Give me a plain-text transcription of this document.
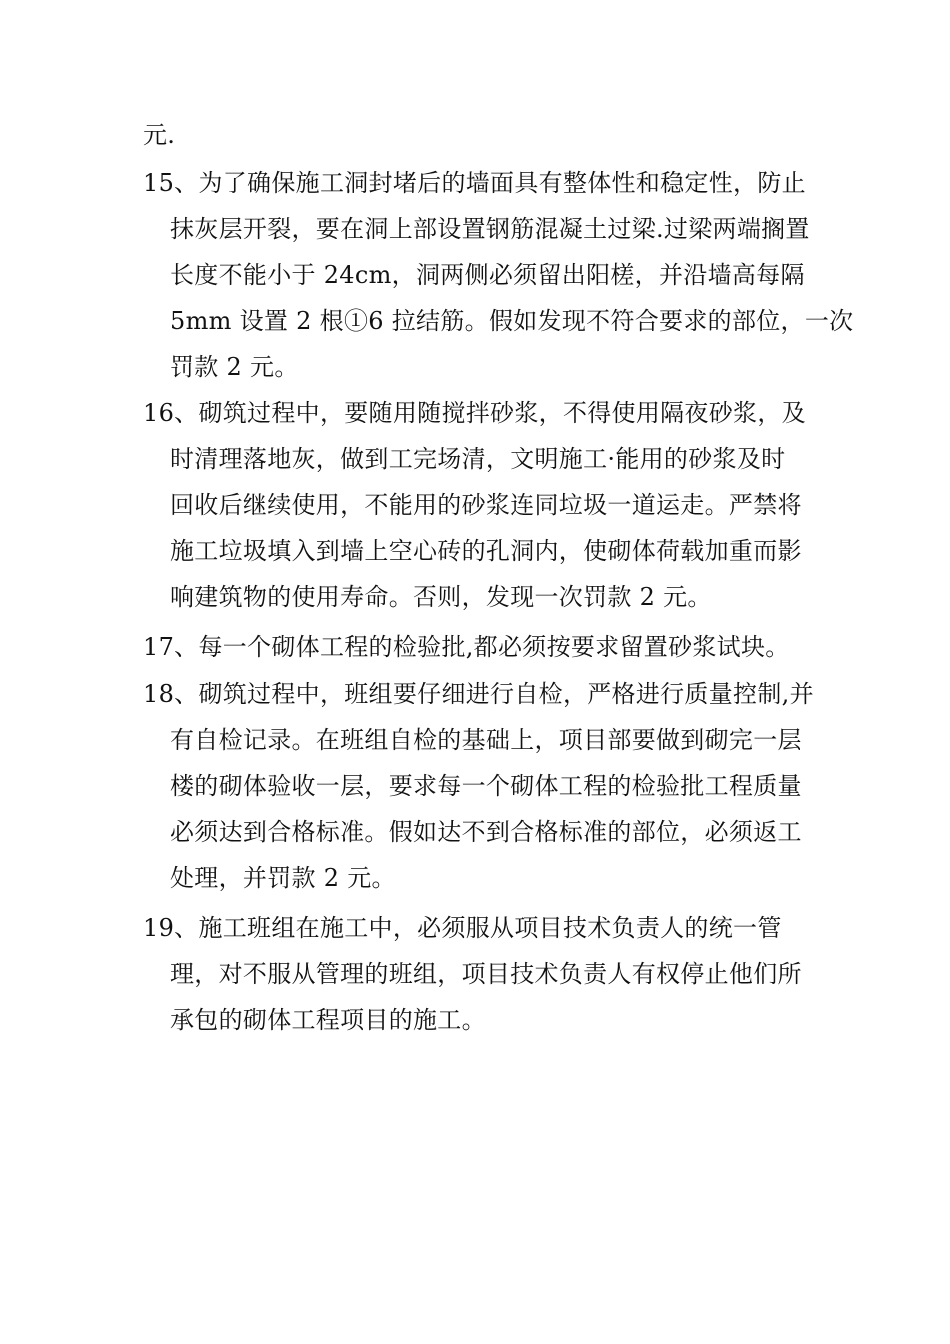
元.
15、为了确保施工洞封堵后的墙面具有整体性和稳定性，防止
抹灰层开裂，要在洞上部设置钢筋混凝土过梁.过梁两端搁置
长度不能小于 24cm，洞两侧必须留出阳槎，并沿墙高每隔
5mm 设置 2 根①6 拉结筋。假如发现不符合要求的部位，一次
罚款 2 元。
16、砌筑过程中，要随用随搅拌砂浆，不得使用隔夜砂浆，及
时清理落地灰，做到工完场清，文明施工·能用的砂浆及时
回收后继续使用，不能用的砂浆连同垃圾一道运走。严禁将
施工垃圾填入到墙上空心砖的孔洞内，使砌体荷载加重而影
响建筑物的使用寿命。否则，发现一次罚款 2 元。
17、每一个砌体工程的检验批,都必须按要求留置砂浆试块。
18、砌筑过程中，班组要仔细进行自检，严格进行质量控制,并
有自检记录。在班组自检的基础上，项目部要做到砌完一层
楼的砌体验收一层，要求每一个砌体工程的检验批工程质量
必须达到合格标准。假如达不到合格标准的部位，必须返工
处理，并罚款 2 元。
19、施工班组在施工中，必须服从项目技术负责人的统一管
理，对不服从管理的班组，项目技术负责人有权停止他们所
承包的砌体工程项目的施工。
